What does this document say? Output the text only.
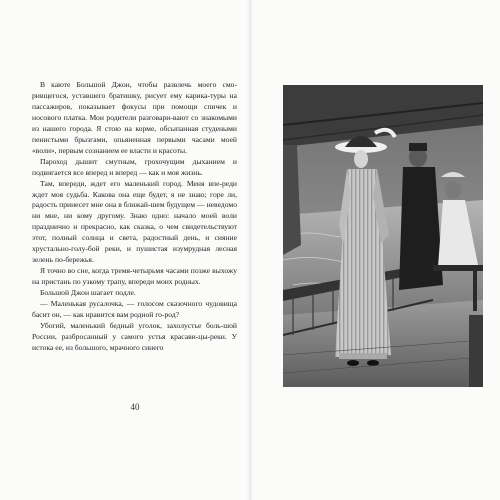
В каюте Большой Джон, чтобы развлечь моего смо-ривщегося, уставшего братишку, рисует ему карика-туры на пассажиров, показывает фокусы при помощи спичек и носового платка. Мои родители разговари-вают со знакомыми из нашего города. Я стою на корме, обсыпанная студеными пенистыми брызгами, опьяненная первыми часами моей «воли», первым сознанием ее власти и красоты.

Пароход дышит смутным, грохочущим дыханием и подвигается все вперед и вперед — как и моя жизнь.

Там, впереди, ждет его маленький город. Меня впе-реди ждет моя судьба. Какова она еще будет, я не знаю; горе ли, радость принесет мне она в ближай-шем будущем — неведомо ни мне, ни кому другому. Знаю одно: начало моей воли празднично и прекрасно, как сказка, о чем свидетельствуют этот, полный солнца и света, радостный день, и сияние хрустально-голу-бой реки, и пушистая изумрудная лесная зелень по-бережья.

Я точно во сне, когда тремя-четырьмя часами позже выхожу на пристань по узкому трапу, впереди моих родных.

Большой Джон шагает подле.

— Маленькая русалочка, — голосом сказочного чудовища басит он, — как нравится вам родной го-род?

Убогий, маленький бедный уголок, захолустье боль-шой России, разбросанный у самого устья красави-цы-реки. У истока ее, из большого, мрачного синего

40
